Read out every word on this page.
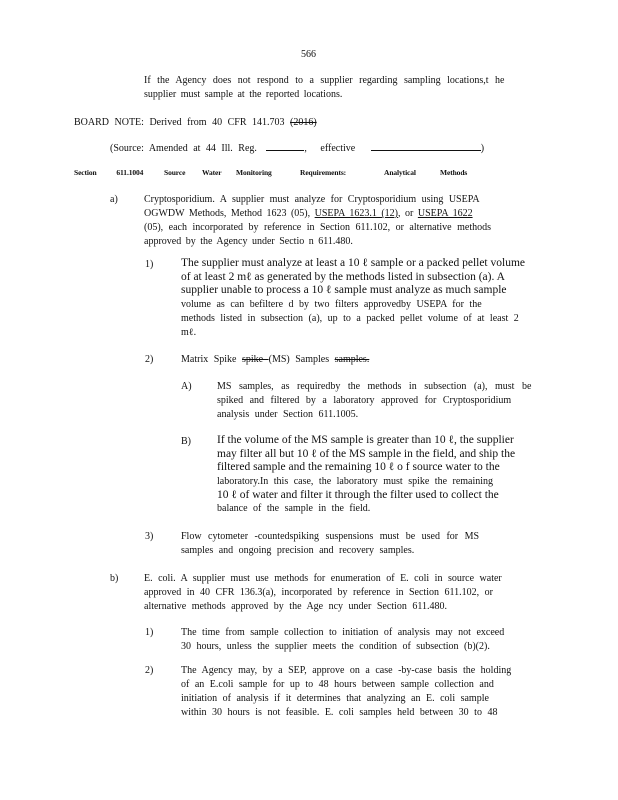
566
If the Agency does not respond to a supplier regarding sampling locations,t he
supplier must sample at the reported locations.
BOARD NOTE: Derived from 40 CFR 141.703 (2016)
(Source: Amended at 44 Ill. Reg.	, effective	)
Section 611.1004	Source Water Monitoring	Requirements:	Analytical	Methods
a)	Cryptosporidium. A supplier must analyze for Cryptosporidium using USEPA
OGWDW Methods, Method 1623 (05), USEPA 1623.1 (12), or USEPA 1622
(05), each incorporated by reference in Section 611.102, or alternative methods
approved by the Agency under Sectio n 611.480.
1) The supplier must analyze at least a 10 ℓ sample or a packed pellet volume
of at least 2 mℓ as generated by the methods listed in subsection (a). A
supplier unable to process a 10 ℓ sample must analyze as much sample
volume as can befiltere d by two filters approvedby USEPA for the
methods listed in subsection (a), up to a packed pellet volume of at least 2
mℓ.
2)	Matrix Spike spike (MS) Samples samples.
A)	MS samples, as requiredby the methods in subsection (a), must be
spiked and filtered by a laboratory approved for Cryptosporidium
analysis under Section 611.1005.
B) If the volume of the MS sample is greater than 10 ℓ, the supplier
may filter all but 10 ℓ of the MS sample in the field, and ship the
filtered sample and the remaining 10 ℓ o f source water to the
laboratory.In this case, the laboratory must spike the remaining
10 ℓ of water and filter it through the filter used to collect the
balance of the sample in the field.
3)	Flow cytometer -countedspiking suspensions must be used for MS
samples and ongoing precision and recovery samples.
b)	E. coli. A supplier must use methods for enumeration of E. coli in source water
approved in 40 CFR 136.3(a), incorporated by reference in Section 611.102, or
alternative methods approved by the Age ncy under Section 611.480.
1)	The time from sample collection to initiation of analysis may not exceed
30 hours, unless the supplier meets the condition of subsection (b)(2).
2)	The Agency may, by a SEP, approve on a case -by-case basis the holding
of an E.coli sample for up to 48 hours between sample collection and
initiation of analysis if it determines that analyzing an E. coli sample
within 30 hours is not feasible. E. coli samples held between 30 to 48
